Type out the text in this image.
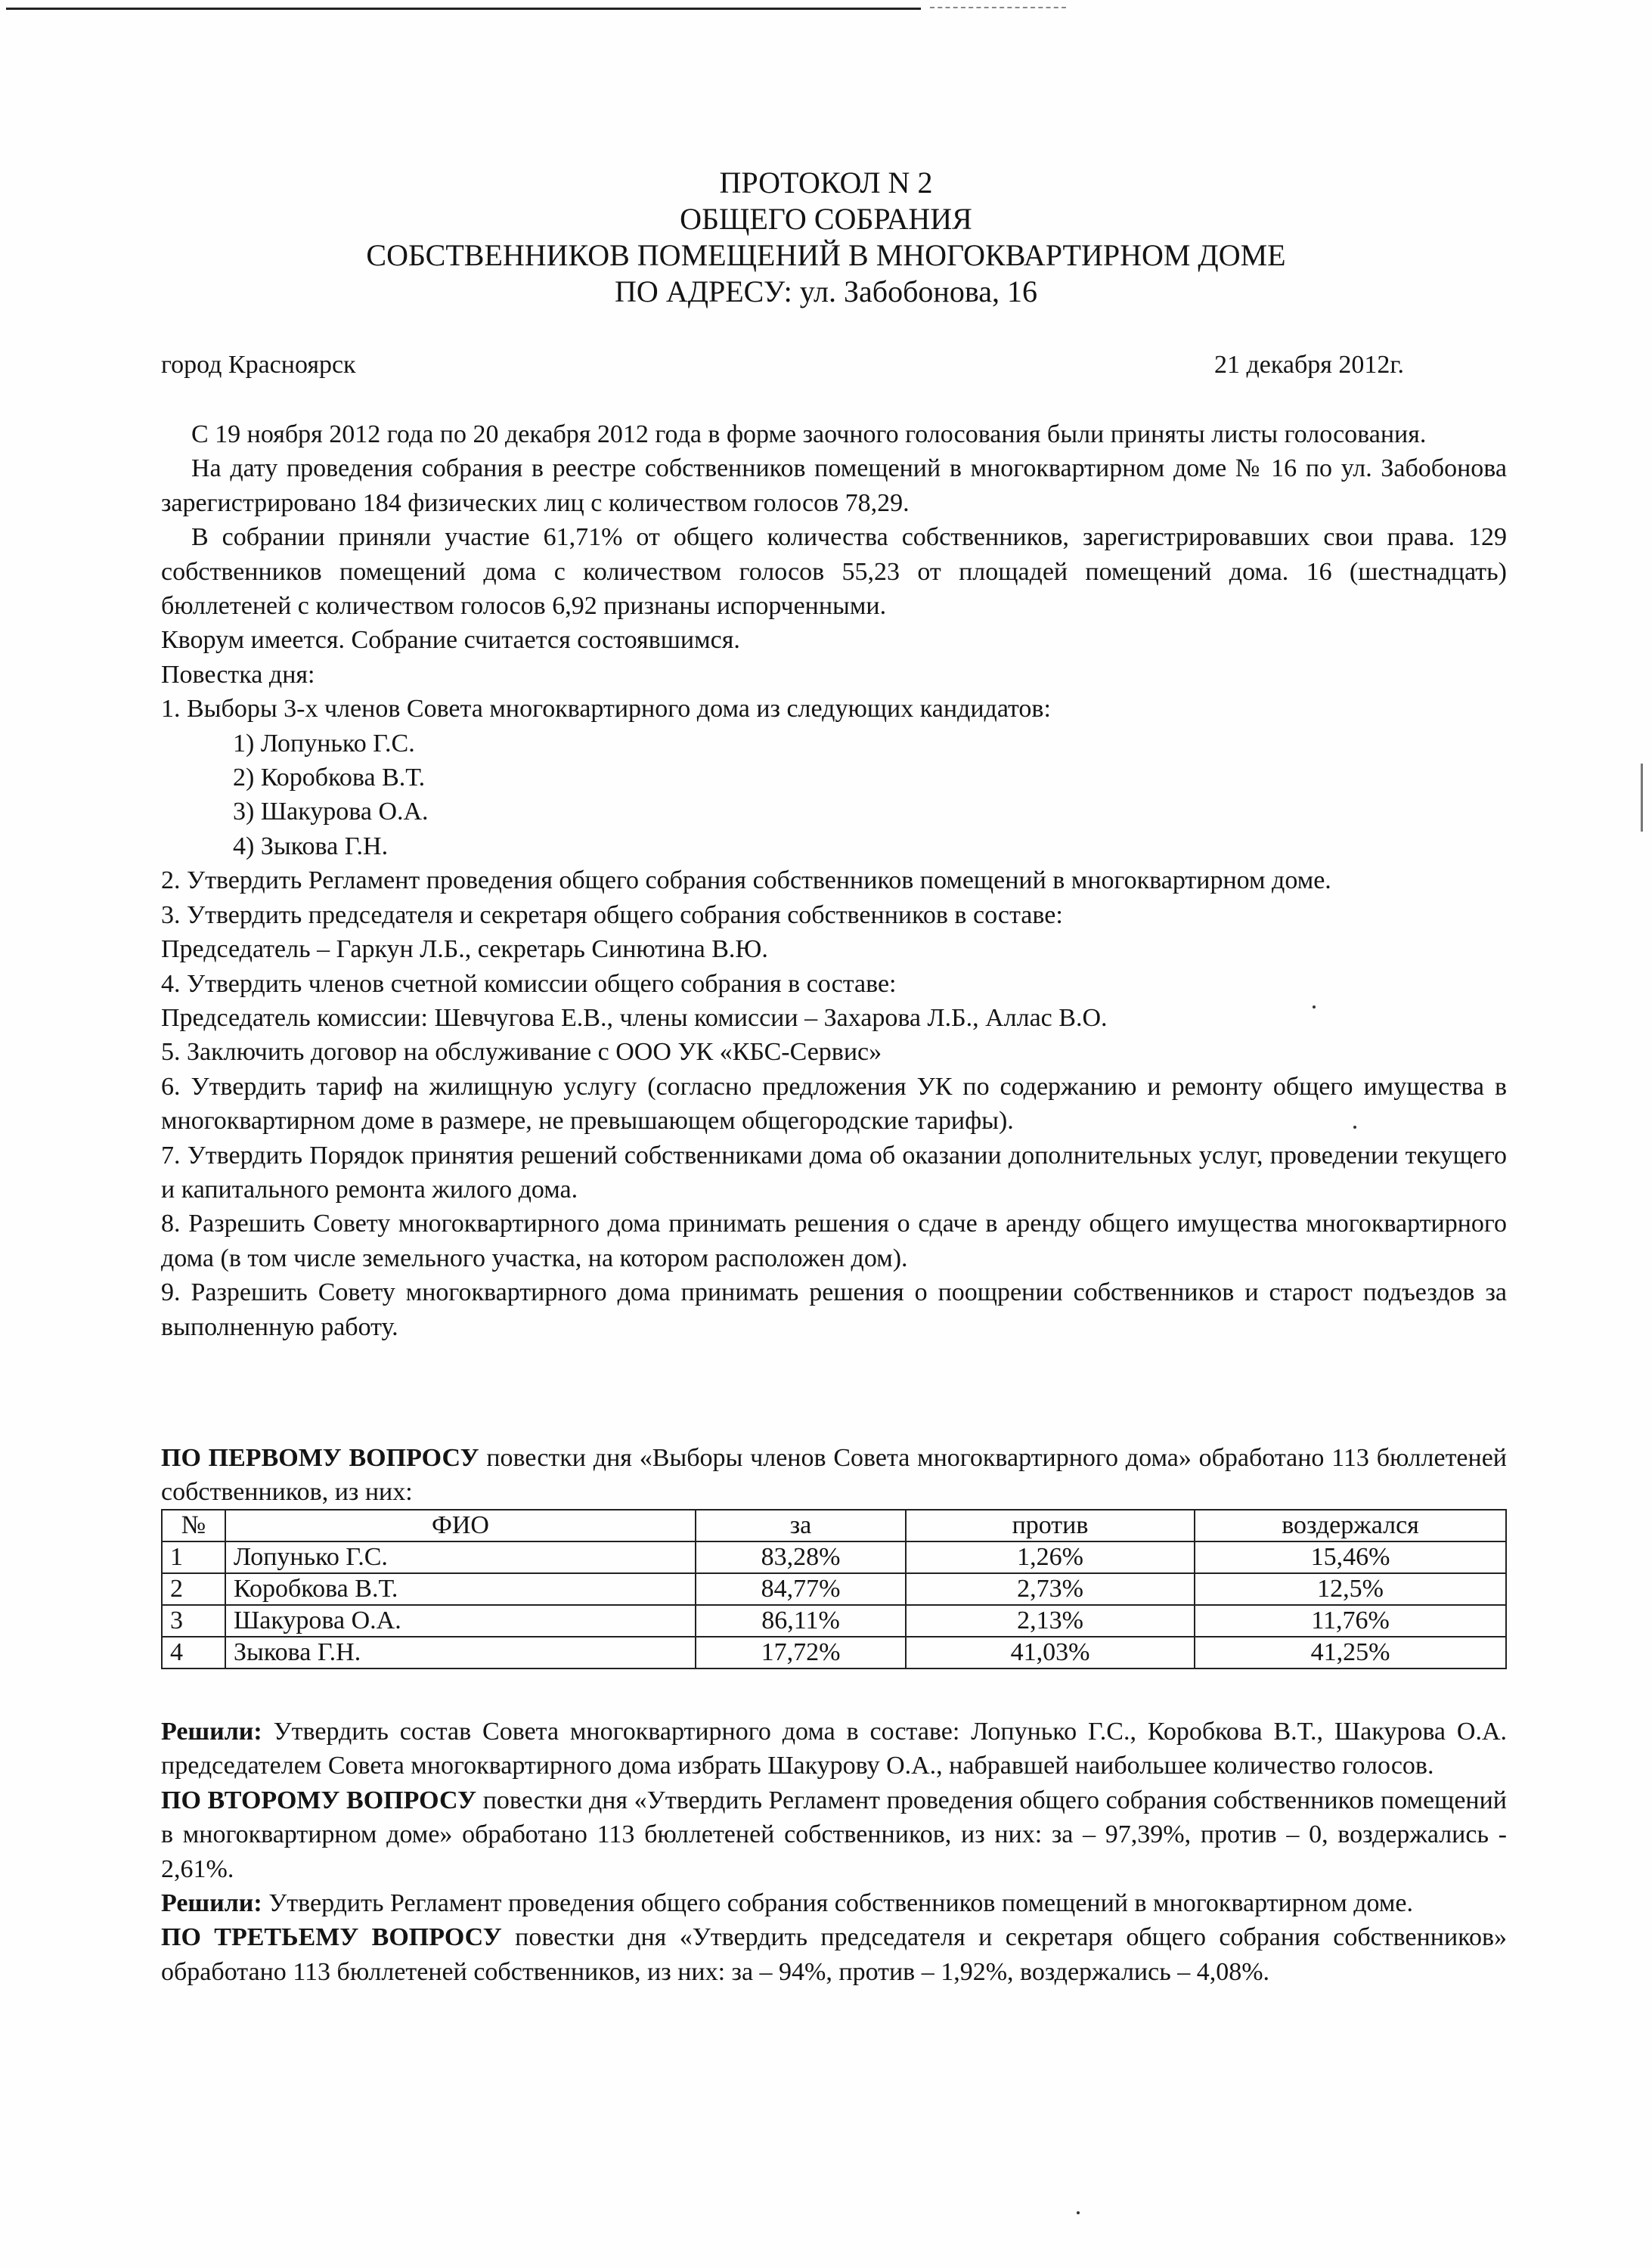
ПРОТОКОЛ N 2
ОБЩЕГО СОБРАНИЯ
СОБСТВЕННИКОВ ПОМЕЩЕНИЙ В МНОГОКВАРТИРНОМ ДОМЕ
ПО АДРЕСУ: ул. Забобонова, 16
город Красноярск	21 декабря 2012г.

С 19 ноября 2012 года по 20 декабря 2012 года в форме заочного голосования были приняты листы голосования.

На дату проведения собрания в реестре собственников помещений в многоквартирном доме № 16 по ул. Забобонова зарегистрировано 184 физических лиц с количеством голосов 78,29.

В собрании приняли участие 61,71% от общего количества собственников, зарегистрировавших свои права. 129 собственников помещений дома с количеством голосов 55,23 от площадей помещений дома. 16 (шестнадцать) бюллетеней с количеством голосов 6,92 признаны испорченными.

Кворум имеется. Собрание считается состоявшимся.

Повестка дня:

1. Выборы 3-х членов Совета многоквартирного дома из следующих кандидатов:

1) Лопунько Г.С.

2) Коробкова В.Т.

3) Шакурова О.А.

4) Зыкова Г.Н.

2. Утвердить Регламент проведения общего собрания собственников помещений в многоквартирном доме.

3. Утвердить председателя и секретаря общего собрания собственников в составе:

Председатель – Гаркун Л.Б., секретарь Синютина В.Ю.

4. Утвердить членов счетной комиссии общего собрания в составе:

Председатель комиссии: Шевчугова Е.В., члены комиссии – Захарова Л.Б., Аллас В.О.

5. Заключить договор на обслуживание с ООО УК «КБС-Сервис»

6. Утвердить тариф на жилищную услугу (согласно предложения УК по содержанию и ремонту общего имущества в многоквартирном доме в размере, не превышающем общегородские тарифы).

7. Утвердить Порядок принятия решений собственниками дома об оказании дополнительных услуг, проведении текущего и капитального ремонта жилого дома.

8. Разрешить Совету многоквартирного дома принимать решения о сдаче в аренду общего имущества многоквартирного дома (в том числе земельного участка, на котором расположен дом).

9. Разрешить Совету многоквартирного дома принимать решения о поощрении собственников и старост подъездов за выполненную работу.

ПО ПЕРВОМУ ВОПРОСУ повестки дня «Выборы членов Совета многоквартирного дома» обработано 113 бюллетеней собственников, из них:

№	ФИО	за	против	воздержался
1	Лопунько Г.С.	83,28%	1,26%	15,46%
2	Коробкова В.Т.	84,77%	2,73%	12,5%
3	Шакурова О.А.	86,11%	2,13%	11,76%
4	Зыкова Г.Н.	17,72%	41,03%	41,25%

Решили: Утвердить состав Совета многоквартирного дома в составе: Лопунько Г.С., Коробкова В.Т., Шакурова О.А. председателем Совета многоквартирного дома избрать Шакурову О.А., набравшей наибольшее количество голосов.

ПО ВТОРОМУ ВОПРОСУ повестки дня «Утвердить Регламент проведения общего собрания собственников помещений в многоквартирном доме» обработано 113 бюллетеней собственников, из них: за – 97,39%, против – 0, воздержались - 2,61%.

Решили: Утвердить Регламент проведения общего собрания собственников помещений в многоквартирном доме.

ПО ТРЕТЬЕМУ ВОПРОСУ повестки дня «Утвердить председателя и секретаря общего собрания собственников» обработано 113 бюллетеней собственников, из них: за – 94%, против – 1,92%, воздержались – 4,08%.
